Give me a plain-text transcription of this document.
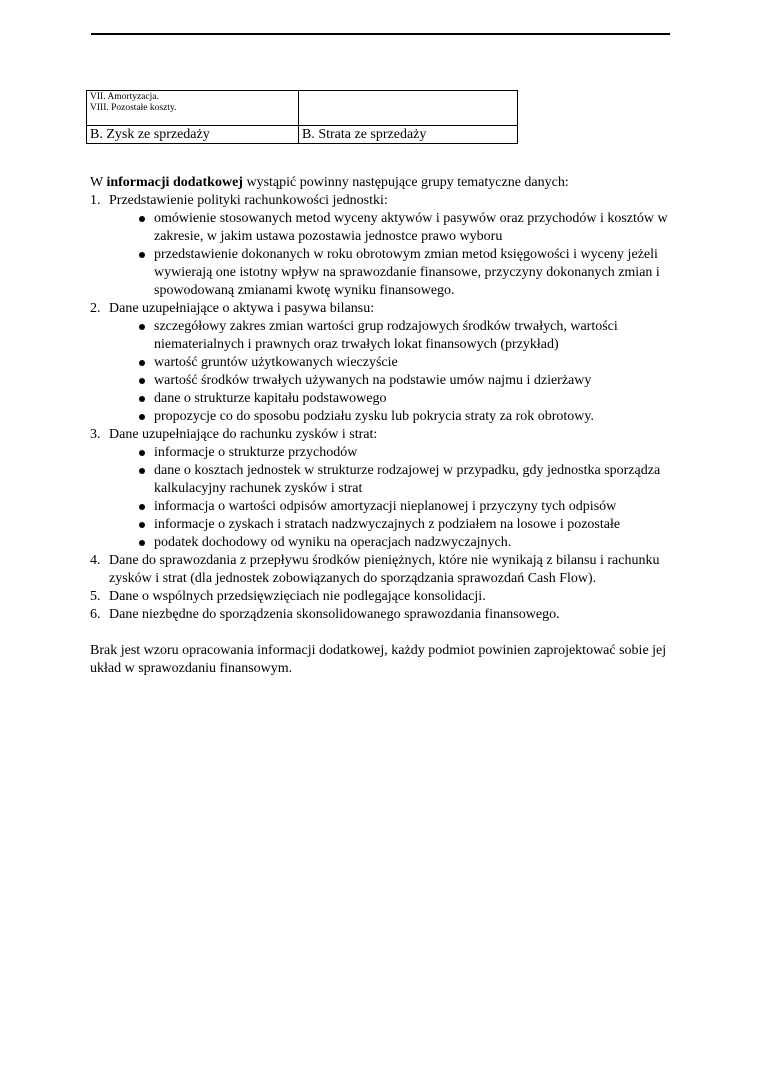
VII. Amortyzacja.
VIII. Pozostałe koszty.	

B. Zysk ze sprzedaży	B. Strata ze sprzedaży

W informacji dodatkowej wystąpić powinny następujące grupy tematyczne danych:

1. Przedstawienie polityki rachunkowości jednostki:
omówienie stosowanych metod wyceny aktywów i pasywów oraz przychodów i kosztów w zakresie, w jakim ustawa pozostawia jednostce prawo wyboru
przedstawienie dokonanych w roku obrotowym zmian metod księgowości i wyceny jeżeli wywierają one istotny wpływ na sprawozdanie finansowe, przyczyny dokonanych zmian i spowodowaną zmianami kwotę wyniku finansowego.
2. Dane uzupełniające o aktywa i pasywa bilansu:
szczegółowy zakres zmian wartości grup rodzajowych środków trwałych, wartości niematerialnych i prawnych oraz trwałych lokat finansowych (przykład)
wartość gruntów użytkowanych wieczyście
wartość środków trwałych używanych na podstawie umów najmu i dzierżawy
dane o strukturze kapitału podstawowego
propozycje co do sposobu podziału zysku lub pokrycia straty za rok obrotowy.
3. Dane uzupełniające do rachunku zysków i strat:
informacje o strukturze przychodów
dane o kosztach jednostek w strukturze rodzajowej w przypadku, gdy jednostka sporządza kalkulacyjny rachunek zysków i strat
informacja o wartości odpisów amortyzacji nieplanowej i przyczyny tych odpisów
informacje o zyskach i stratach nadzwyczajnych z podziałem na losowe i pozostałe
podatek dochodowy od wyniku na operacjach nadzwyczajnych.
4. Dane do sprawozdania z przepływu środków pieniężnych, które nie wynikają z bilansu i rachunku zysków i strat (dla jednostek zobowiązanych do sporządzania sprawozdań Cash Flow).
5. Dane o wspólnych przedsięwzięciach nie podlegające konsolidacji.
6. Dane niezbędne do sporządzenia skonsolidowanego sprawozdania finansowego.

Brak jest wzoru opracowania informacji dodatkowej, każdy podmiot powinien zaprojektować sobie jej układ w sprawozdaniu finansowym.
